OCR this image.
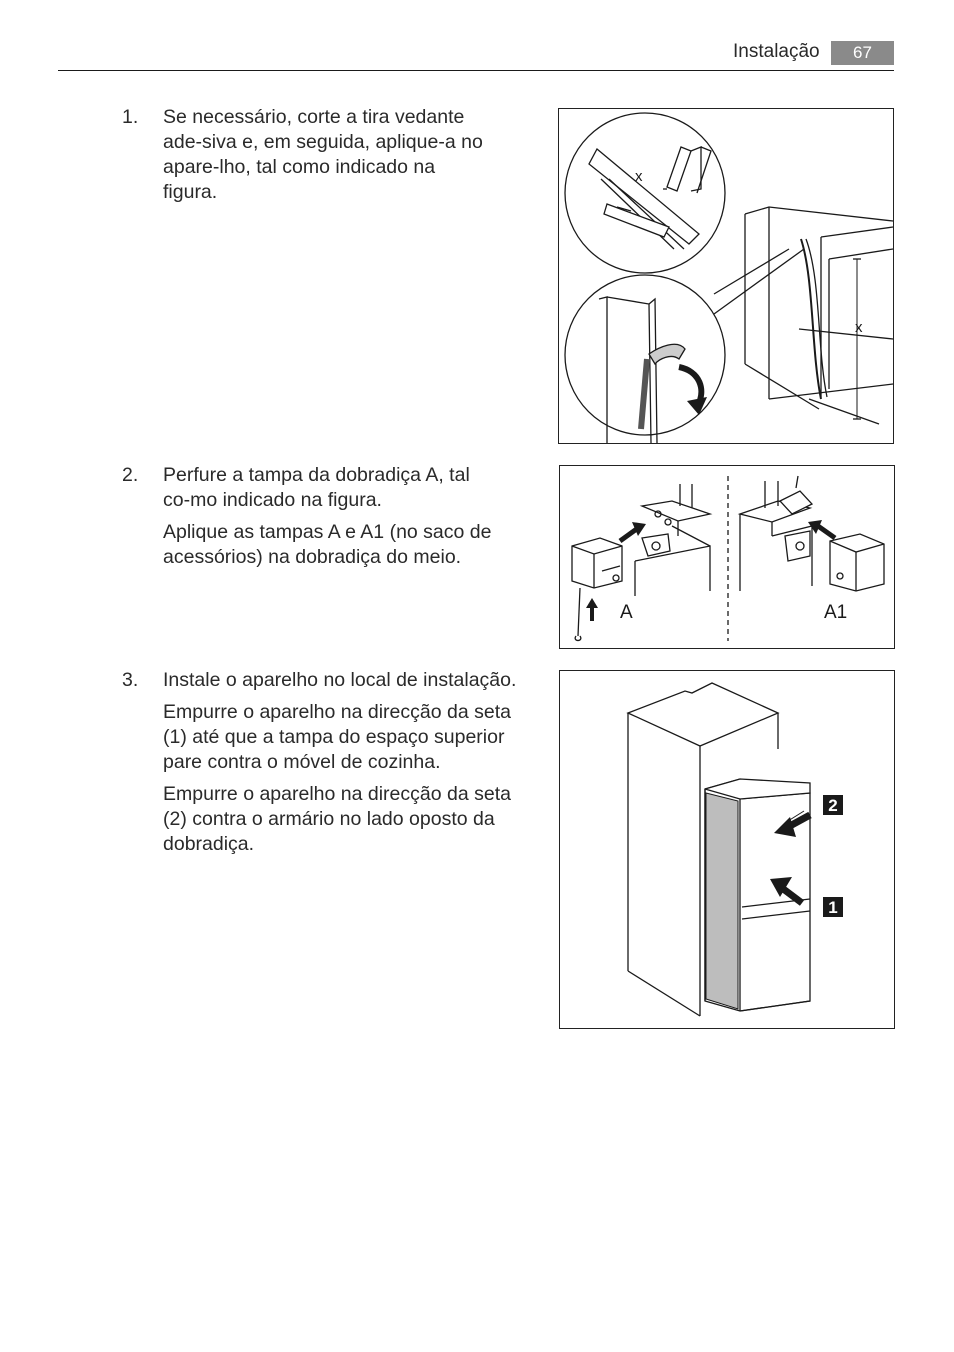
Instalação	67
1. Se necessário, corte a tira vedante ade-siva e, em seguida, aplique-a no apare-lho, tal como indicado na figura.

2. Perfure a tampa da dobradiça A, tal co-mo indicado na figura.

Aplique as tampas A e A1 (no saco de acessórios) na dobradiça do meio.

3. Instale o aparelho no local de instalação.

Empurre o aparelho na direcção da seta (1) até que a tampa do espaço superior pare contra o móvel de cozinha.

Empurre o aparelho na direcção da seta (2) contra o armário no lado oposto da dobradiça.

x
x
A	A1
2
1
